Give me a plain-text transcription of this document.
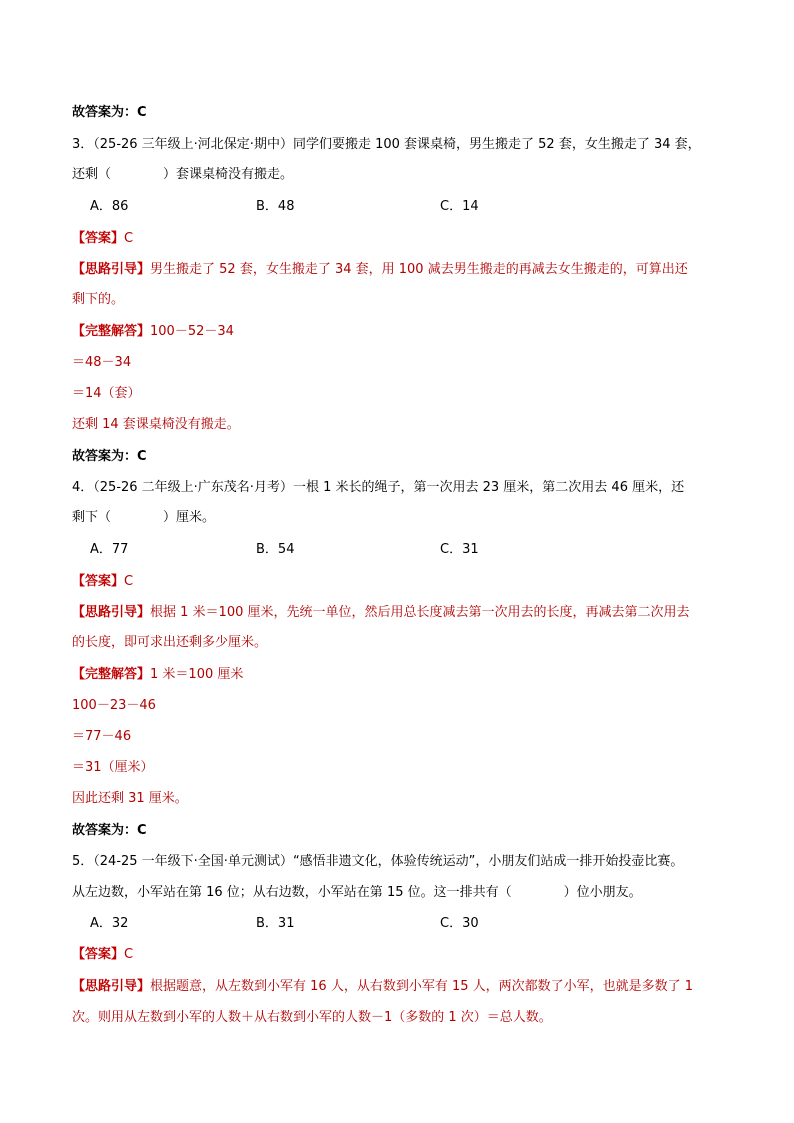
故答案为：C
3．（25-26 三年级上·河北保定·期中）同学们要搬走 100 套课桌椅，男生搬走了 52 套，女生搬走了 34 套，
还剩（　　　　）套课桌椅没有搬走。
A．86	B．48	C．14
【答案】C
【思路引导】男生搬走了 52 套，女生搬走了 34 套，用 100 减去男生搬走的再减去女生搬走的，可算出还
剩下的。
【完整解答】100－52－34
＝48－34
＝14（套）
还剩 14 套课桌椅没有搬走。
故答案为：C
4．（25-26 二年级上·广东茂名·月考）一根 1 米长的绳子，第一次用去 23 厘米，第二次用去 46 厘米，还
剩下（　　　　）厘米。
A．77	B．54	C．31
【答案】C
【思路引导】根据 1 米＝100 厘米，先统一单位，然后用总长度减去第一次用去的长度，再减去第二次用去
的长度，即可求出还剩多少厘米。
【完整解答】1 米＝100 厘米
100－23－46
＝77－46
＝31（厘米）
因此还剩 31 厘米。
故答案为：C
5．（24-25 一年级下·全国·单元测试）“感悟非遗文化，体验传统运动”，小朋友们站成一排开始投壶比赛。
从左边数，小军站在第 16 位；从右边数，小军站在第 15 位。这一排共有（　　　　）位小朋友。
A．32	B．31	C．30
【答案】C
【思路引导】根据题意，从左数到小军有 16 人，从右数到小军有 15 人，两次都数了小军，也就是多数了 1
次。则用从左数到小军的人数＋从右数到小军的人数－1（多数的 1 次）＝总人数。
